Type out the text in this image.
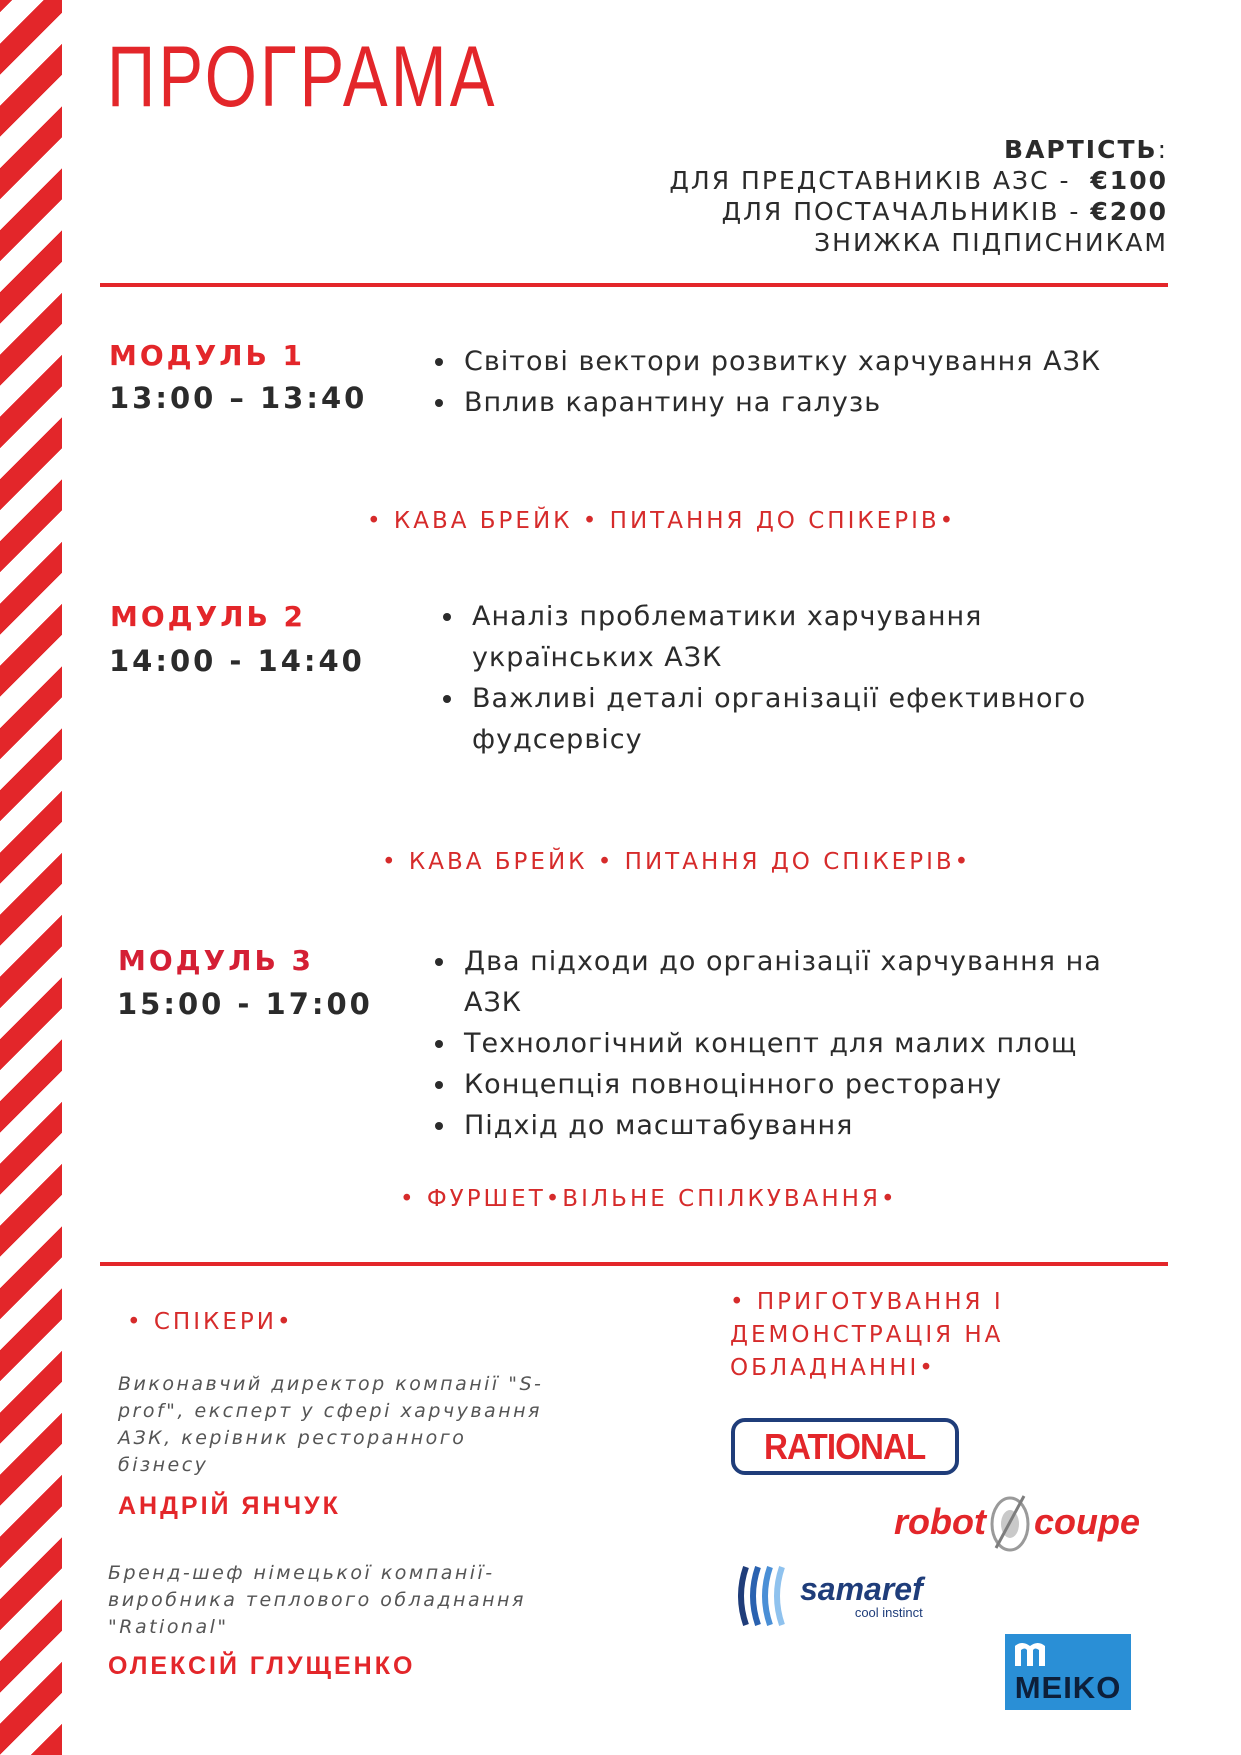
ПРОГРАМА
ВАРТІСТЬ:
ДЛЯ ПРЕДСТАВНИКІВ АЗС - €100
ДЛЯ ПОСТАЧАЛЬНИКІВ - €200
ЗНИЖКА ПІДПИСНИКАМ

МОДУЛЬ 1

13:00 – 13:40

• Світові вектори розвитку харчування АЗК
• Вплив карантину на галузь

• КАВА БРЕЙК • ПИТАННЯ ДО СПІКЕРІВ•

МОДУЛЬ 2

14:00 - 14:40

• Аналіз проблематики харчування українських АЗК
• Важливі деталі організації ефективного фудсервісу

• КАВА БРЕЙК • ПИТАННЯ ДО СПІКЕРІВ•

МОДУЛЬ 3

15:00 - 17:00

• Два підходи до організації харчування на АЗК
• Технологічний концепт для малих площ
• Концепція повноцінного ресторану
• Підхід до масштабування

• ФУРШЕТ•ВІЛЬНЕ СПІЛКУВАННЯ•

• СПІКЕРИ•

Виконавчий директор компанії "S-prof", експерт у сфері харчування АЗК, керівник ресторанного бізнесу

АНДРІЙ ЯНЧУК

Бренд-шеф німецької компанії-виробника теплового обладнання "Rational"

ОЛЕКСІЙ ГЛУЩЕНКО

• ПРИГОТУВАННЯ І ДЕМОНСТРАЦІЯ НА ОБЛАДНАННІ•

RATIONAL
robot coupe
samaref
cool instinct
MEIKO
